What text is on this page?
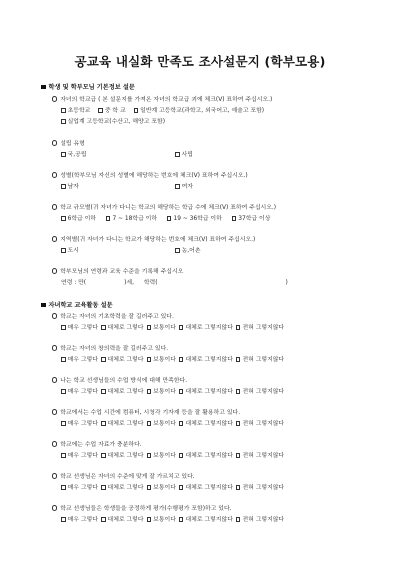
공교육 내실화 만족도 조사설문지 (학부모용)
학생 및 학부모님 기본정보 설문
자녀의 학교급 ( 본 설문지를 가져온 자녀의 학교급 괴에 체크(V) 표하여 주십시오.)
초등학교 중 학 교 일반계 고등학교(과학고, 외국어고, 예술고 포함)
실업계 고등학교(수산고, 해양고 포함)
설립 유형
국,공립	사립
성별(학부모님 자신의 성별에 해당하는 번호에 체크(V) 표하여 주십시오.)
남자	여자
학교 규모별(귀 자녀가 다니는 학교의 해당하는 학급 수에 체크(V) 표하여 주십시오.)
6학급 이하	7 ~ 18학급 이하	19 ~ 36학급 이하	37학급 이상
지역별(귀 자녀가 다니는 학교가 해당하는 번호에 체크(V) 표하여 주십시오.)
도시	농,어촌
학부모님의 연령과 교육 수준을 기록해 주십시오
연령 : 만(	)세, 학력(	)
자녀학교 교육활동 설문
학교는 자녀의 기초학력을 잘 길러주고 있다.
매우 그렇다 대체로 그렇다 보통이다 대체로 그렇지않다 전혀 그렇지않다
학교는 자녀의 창의력을 잘 길러주고 있다.
매우 그렇다 대체로 그렇다 보통이다 대체로 그렇지않다 전혀 그렇지않다
나는 학교 선생님들의 수업 방식에 대해 만족한다.
매우 그렇다 대체로 그렇다 보통이다 대체로 그렇지않다 전혀 그렇지않다
학교에서는 수업 시간에 컴퓨터, 시청각 기자재 등을 잘 활용하고 있다.
매우 그렇다 대체로 그렇다 보통이다 대체로 그렇지않다 전혀 그렇지않다
학교에는 수업 자료가 충분하다.
매우 그렇다 대체로 그렇다 보통이다 대체로 그렇지않다 전혀 그렇지않다
학교 선생님은 자녀의 수준에 맞게 잘 가르치고 있다.
매우 그렇다 대체로 그렇다 보통이다 대체로 그렇지않다 전혀 그렇지않다
학교 선생님들은 학생들을 공정하게 평가(수행평가 포함)하고 있다.
매우 그렇다 대체로 그렇다 보통이다 대체로 그렇지않다 전혀 그렇지않다
